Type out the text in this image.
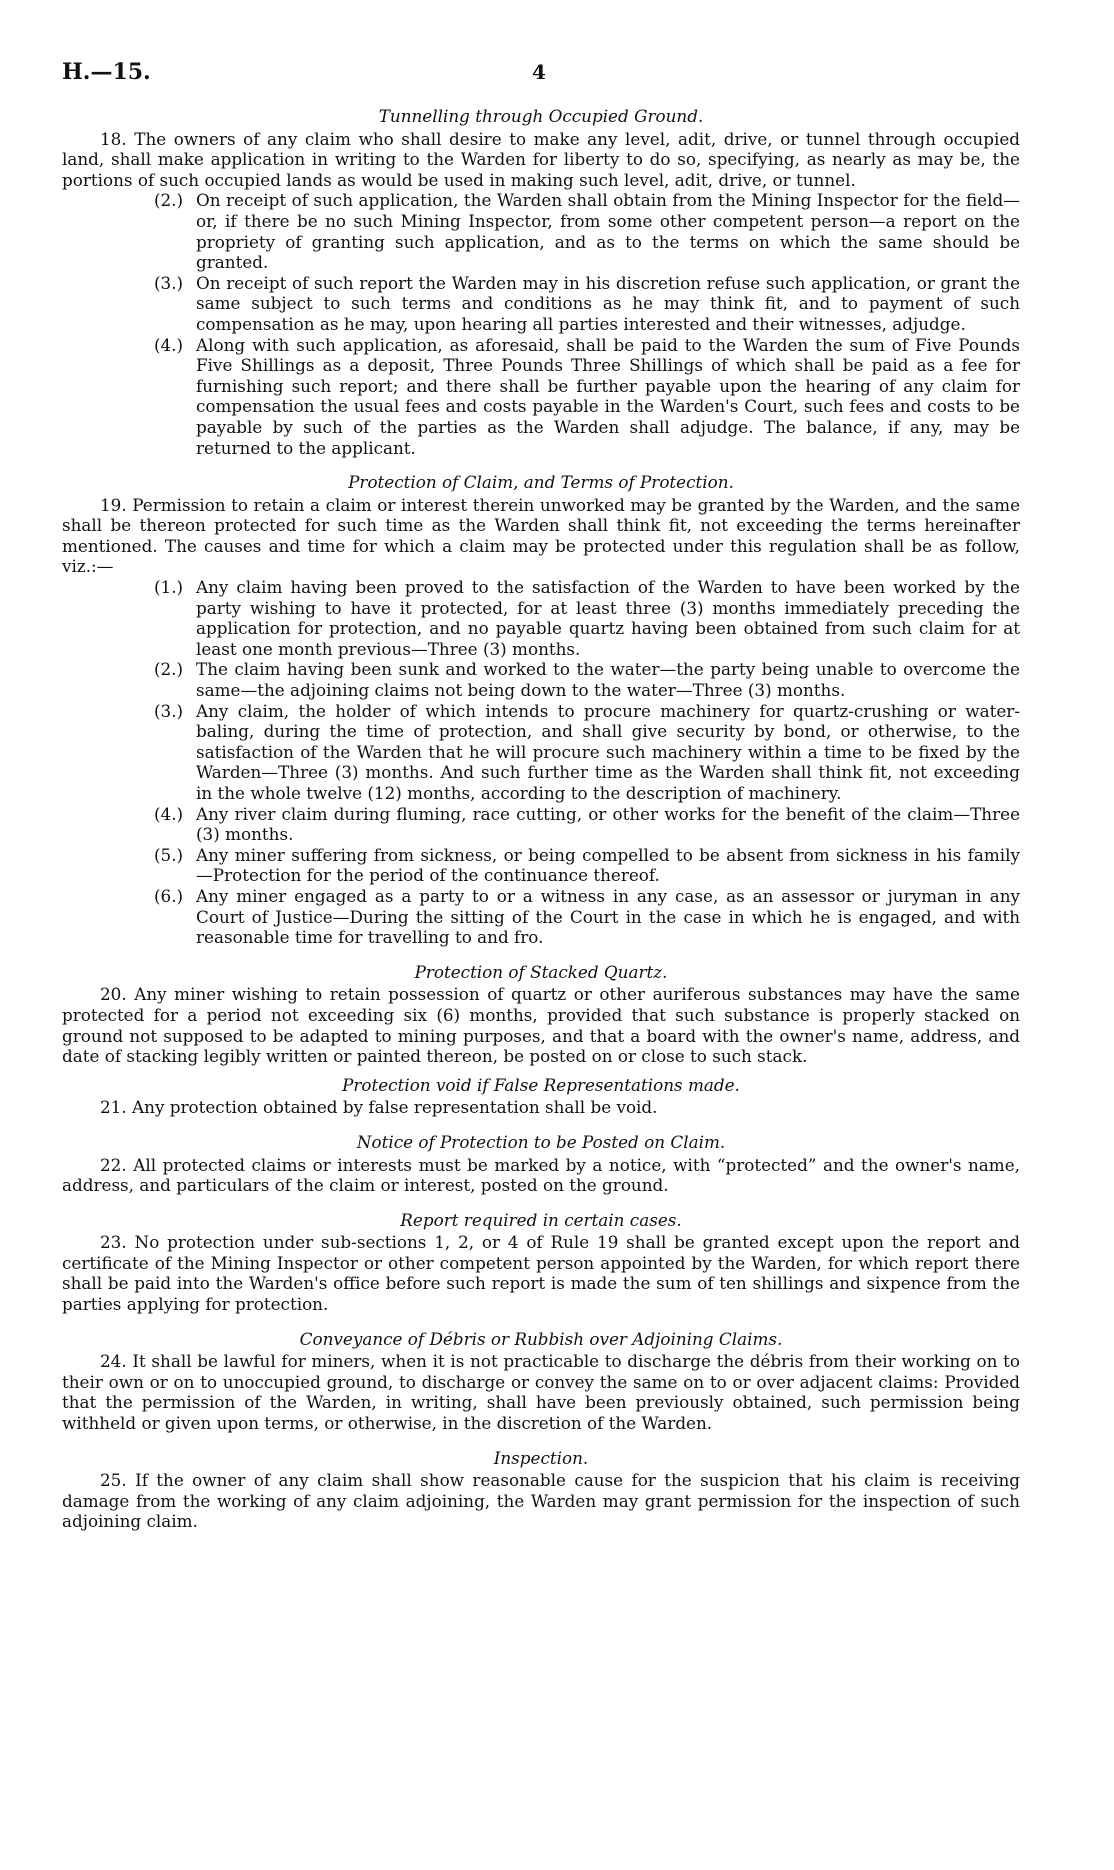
H.—15.	4
Tunnelling through Occupied Ground.

18. The owners of any claim who shall desire to make any level, adit, drive, or tunnel through occupied land, shall make application in writing to the Warden for liberty to do so, specifying, as nearly as may be, the portions of such occupied lands as would be used in making such level, adit, drive, or tunnel.

(2.) On receipt of such application, the Warden shall obtain from the Mining Inspector for the field—or, if there be no such Mining Inspector, from some other competent person—a report on the propriety of granting such application, and as to the terms on which the same should be granted.

(3.) On receipt of such report the Warden may in his discretion refuse such application, or grant the same subject to such terms and conditions as he may think fit, and to payment of such compensation as he may, upon hearing all parties interested and their witnesses, adjudge.

(4.) Along with such application, as aforesaid, shall be paid to the Warden the sum of Five Pounds Five Shillings as a deposit, Three Pounds Three Shillings of which shall be paid as a fee for furnishing such report; and there shall be further payable upon the hearing of any claim for compensation the usual fees and costs payable in the Warden's Court, such fees and costs to be payable by such of the parties as the Warden shall adjudge. The balance, if any, may be returned to the applicant.

Protection of Claim, and Terms of Protection.

19. Permission to retain a claim or interest therein unworked may be granted by the Warden, and the same shall be thereon protected for such time as the Warden shall think fit, not exceeding the terms hereinafter mentioned. The causes and time for which a claim may be protected under this regulation shall be as follow, viz.:—

(1.) Any claim having been proved to the satisfaction of the Warden to have been worked by the party wishing to have it protected, for at least three (3) months immediately preceding the application for protection, and no payable quartz having been obtained from such claim for at least one month previous—Three (3) months.

(2.) The claim having been sunk and worked to the water—the party being unable to overcome the same—the adjoining claims not being down to the water—Three (3) months.

(3.) Any claim, the holder of which intends to procure machinery for quartz-crushing or water-baling, during the time of protection, and shall give security by bond, or otherwise, to the satisfaction of the Warden that he will procure such machinery within a time to be fixed by the Warden—Three (3) months. And such further time as the Warden shall think fit, not exceeding in the whole twelve (12) months, according to the description of machinery.

(4.) Any river claim during fluming, race cutting, or other works for the benefit of the claim—Three (3) months.

(5.) Any miner suffering from sickness, or being compelled to be absent from sickness in his family—Protection for the period of the continuance thereof.

(6.) Any miner engaged as a party to or a witness in any case, as an assessor or juryman in any Court of Justice—During the sitting of the Court in the case in which he is engaged, and with reasonable time for travelling to and fro.

Protection of Stacked Quartz.

20. Any miner wishing to retain possession of quartz or other auriferous substances may have the same protected for a period not exceeding six (6) months, provided that such substance is properly stacked on ground not supposed to be adapted to mining purposes, and that a board with the owner's name, address, and date of stacking legibly written or painted thereon, be posted on or close to such stack.

Protection void if False Representations made.

21. Any protection obtained by false representation shall be void.

Notice of Protection to be Posted on Claim.

22. All protected claims or interests must be marked by a notice, with “protected” and the owner's name, address, and particulars of the claim or interest, posted on the ground.

Report required in certain cases.

23. No protection under sub-sections 1, 2, or 4 of Rule 19 shall be granted except upon the report and certificate of the Mining Inspector or other competent person appointed by the Warden, for which report there shall be paid into the Warden's office before such report is made the sum of ten shillings and sixpence from the parties applying for protection.

Conveyance of Débris or Rubbish over Adjoining Claims.

24. It shall be lawful for miners, when it is not practicable to discharge the débris from their working on to their own or on to unoccupied ground, to discharge or convey the same on to or over adjacent claims: Provided that the permission of the Warden, in writing, shall have been previously obtained, such permission being withheld or given upon terms, or otherwise, in the discretion of the Warden.

Inspection.

25. If the owner of any claim shall show reasonable cause for the suspicion that his claim is receiving damage from the working of any claim adjoining, the Warden may grant permission for the inspection of such adjoining claim.
